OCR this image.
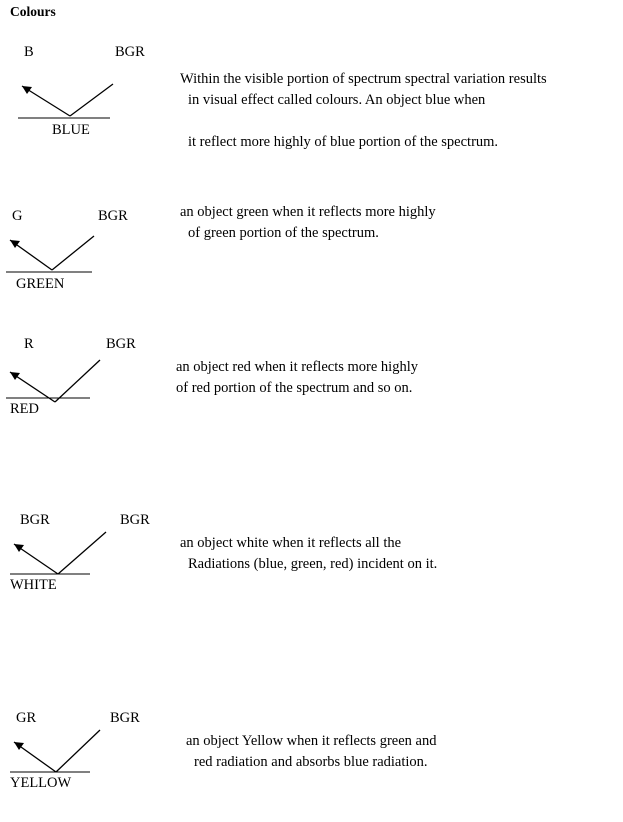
Colours
B	BGR
BLUE

Within the visible portion of spectrum spectral variation results

in visual effect called colours. An object blue when

it reflect more highly of blue portion of the spectrum.

G	BGR
GREEN

an object green when it reflects more highly

of green portion of the spectrum.

R	BGR
RED

an object red when it reflects more highly

of red portion of the spectrum and so on.

BGR	BGR
WHITE

an object white when it reflects all the

Radiations (blue, green, red) incident on it.

GR	BGR
YELLOW

an object Yellow when it reflects green and

red radiation and absorbs blue radiation.
